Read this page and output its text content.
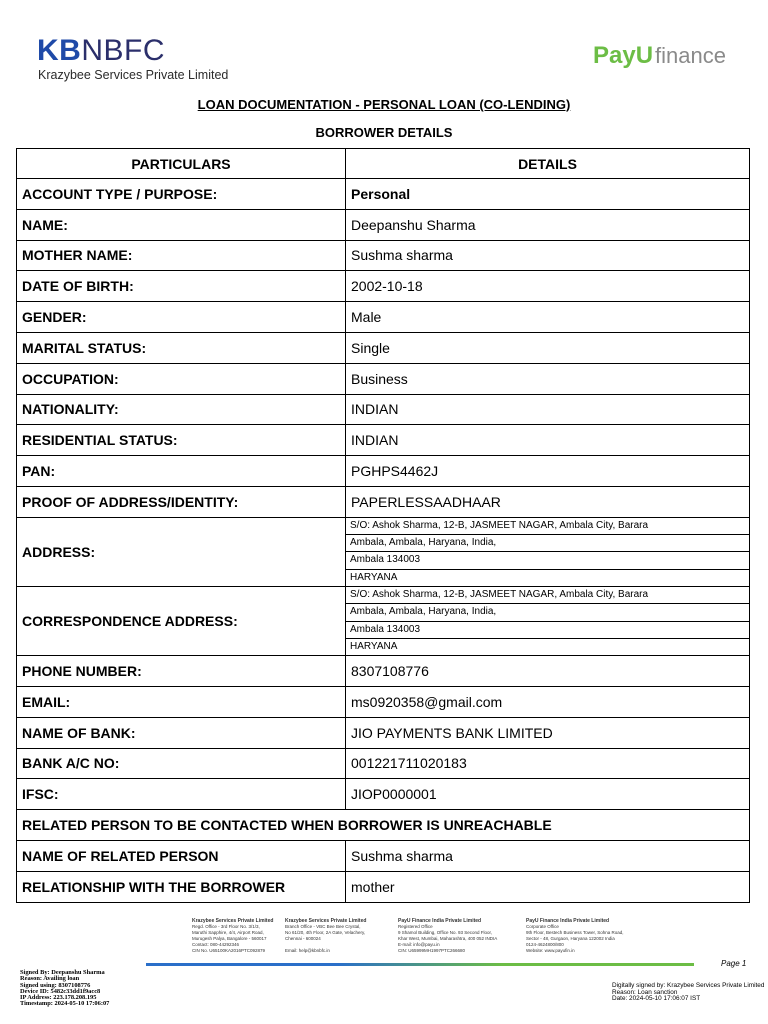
KBNBFC
Krazybee Services Private Limited
PayUfinance
LOAN DOCUMENTATION - PERSONAL LOAN (CO-LENDING)
BORROWER DETAILS
PARTICULARS	DETAILS
ACCOUNT TYPE / PURPOSE:	Personal
NAME:	Deepanshu Sharma
MOTHER NAME:	Sushma sharma
DATE OF BIRTH:	2002-10-18
GENDER:	Male
MARITAL STATUS:	Single
OCCUPATION:	Business
NATIONALITY:	INDIAN
RESIDENTIAL STATUS:	INDIAN
PAN:	PGHPS4462J
PROOF OF ADDRESS/IDENTITY:	PAPERLESSAADHAAR
ADDRESS:	S/O: Ashok Sharma, 12-B, JASMEET NAGAR, Ambala City, Barara
Ambala, Ambala, Haryana, India,
Ambala 134003
HARYANA

CORRESPONDENCE ADDRESS:	S/O: Ashok Sharma, 12-B, JASMEET NAGAR, Ambala City, Barara
Ambala, Ambala, Haryana, India,
Ambala 134003
HARYANA

PHONE NUMBER:	8307108776
EMAIL:	ms0920358@gmail.com
NAME OF BANK:	JIO PAYMENTS BANK LIMITED
BANK A/C NO:	001221711020183
IFSC:	JIOP0000001
RELATED PERSON TO BE CONTACTED WHEN BORROWER IS UNREACHABLE	
NAME OF RELATED PERSON	Sushma sharma
RELATIONSHIP WITH THE BORROWER	mother
Krazybee Services Private Limited
Regd. Office - 3rd Floor No. 3/1/3,
Maruthi Sapphire, 4/4, Airport Road,
Murugesh Palya, Bangalore - 560017
Contact: 080-44292346
CIN No. U65100KA2016PTC092879
Krazybee Services Private Limited
Branch Office - VBC Bee Bee Crystal,
No 61/20, 4th Floor, 2A Gate, Velachery,
Chennai - 600024
Email: help@kbnbfc.in
PayU Finance India Private Limited
Registered Office
9 Shamol Building, Office No. 93 Second Floor,
Khar West, Mumbai, Maharashtra, 400 052 INDIA
E-mail: info@payu.in
CIN: U65999MH1997PTC266680
PayU Finance India Private Limited
Corporate Office
9th Floor, Bestech Business Tower, Sohna Road,
Sector - 48, Gurgaon, Haryana 122002 India
0124-4624800/800
Website: www.payufin.in
Page 1
Signed By: Deepanshu Sharma
Reason: Availing loan
Signed using: 8307108776
Device ID: 5482c33dd1f9acc8
IP Address: 223.178.208.195
Timestamp: 2024-05-10 17:06:07
Digitally signed by: Krazybee Services Private Limited
Reason: Loan sanction
Date: 2024-05-10 17:06:07 IST
